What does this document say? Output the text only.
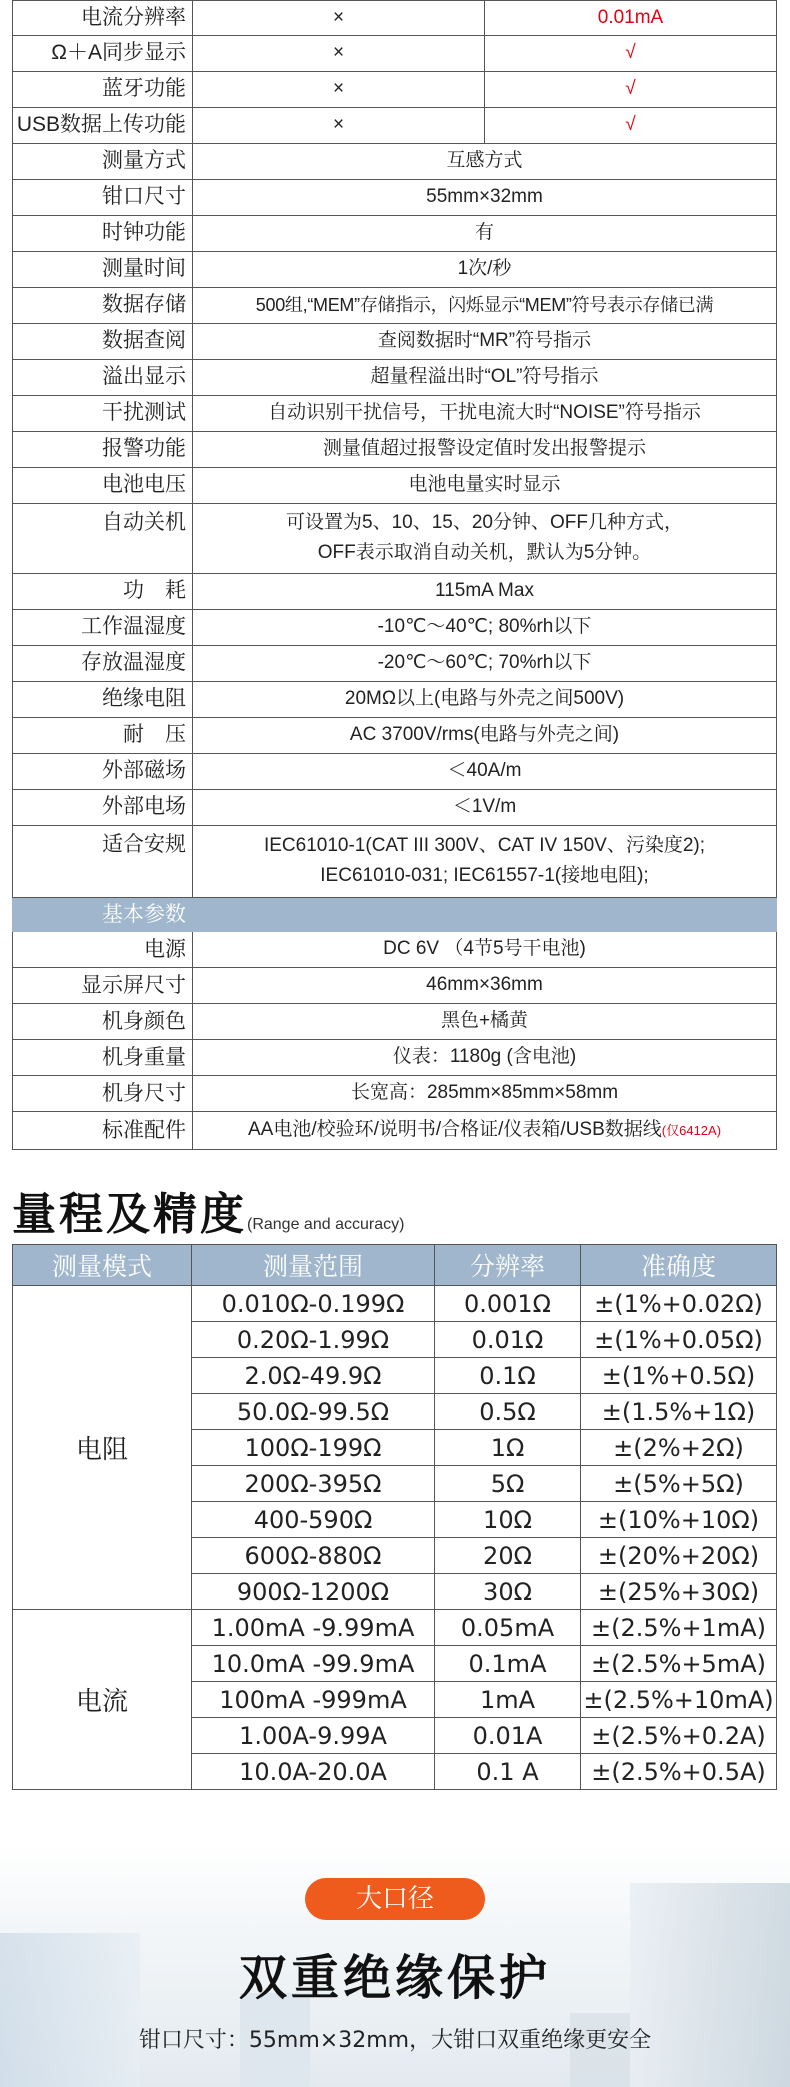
电流分辨率	×	0.01mA
Ω＋A同步显示	×	√
蓝牙功能	×	√
USB数据上传功能	×	√
测量方式	互感方式	
钳口尺寸	55mm×32mm	
时钟功能	有	
测量时间	1次/秒	
数据存储	500组,“MEM”存储指示，闪烁显示“MEM”符号表示存储已满	
数据查阅	查阅数据时“MR”符号指示	
溢出显示	超量程溢出时“OL”符号指示	
干扰测试	自动识别干扰信号，干扰电流大时“NOISE”符号指示	
报警功能	测量值超过报警设定值时发出报警提示	
电池电压	电池电量实时显示	
自动关机	可设置为5、10、15、20分钟、OFF几种方式，
OFF表示取消自动关机，默认为5分钟。	

功　耗	115mA Max	
工作温湿度	-10℃～40℃; 80%rh以下	
存放温湿度	-20℃～60℃; 70%rh以下	
绝缘电阻	20MΩ以上(电路与外壳之间500V)	
耐　压	AC 3700V/rms(电路与外壳之间)	
外部磁场	＜40A/m	
外部电场	＜1V/m	
适合安规	IEC61010-1(CAT III 300V、CAT IV 150V、污染度2);
IEC61010-031; IEC61557-1(接地电阻);	

基本参数		
电源	DC 6V （4节5号干电池)	
显示屏尺寸	46mm×36mm	
机身颜色	黑色+橘黄	
机身重量	仪表：1180g (含电池)	
机身尺寸	长宽高：285mm×85mm×58mm	
标准配件	AA电池/校验环/说明书/合格证/仪表箱/USB数据线(仅6412A)	
量程及精度(Range and accuracy)
测量模式	测量范围	分辨率	准确度
电阻	0.010Ω-0.199Ω	0.001Ω	±(1%+0.02Ω)
	0.20Ω-1.99Ω	0.01Ω	±(1%+0.05Ω)
	2.0Ω-49.9Ω	0.1Ω	±(1%+0.5Ω)
	50.0Ω-99.5Ω	0.5Ω	±(1.5%+1Ω)
	100Ω-199Ω	1Ω	±(2%+2Ω)
	200Ω-395Ω	5Ω	±(5%+5Ω)
	400-590Ω	10Ω	±(10%+10Ω)
	600Ω-880Ω	20Ω	±(20%+20Ω)
	900Ω-1200Ω	30Ω	±(25%+30Ω)
电流	1.00mA -9.99mA	0.05mA	±(2.5%+1mA)
	10.0mA -99.9mA	0.1mA	±(2.5%+5mA)
	100mA -999mA	1mA	±(2.5%+10mA)
	1.00A-9.99A	0.01A	±(2.5%+0.2A)
	10.0A-20.0A	0.1 A	±(2.5%+0.5A)
大口径
双重绝缘保护
钳口尺寸：55mm×32mm，大钳口双重绝缘更安全
